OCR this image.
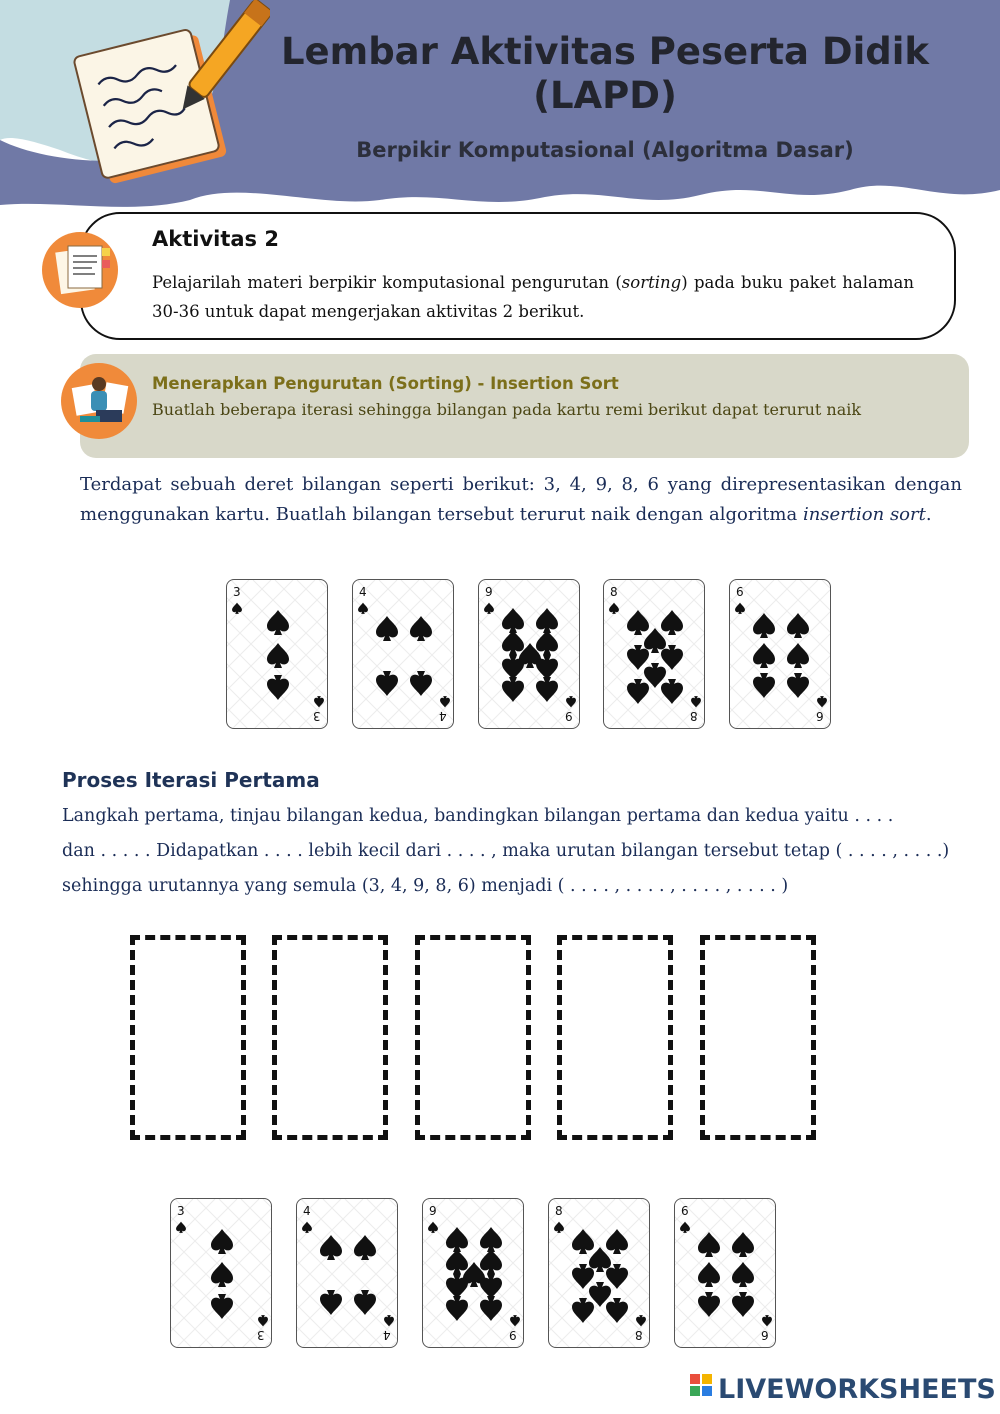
Lembar Aktivitas Peserta Didik (LAPD)
Berpikir Komputasional (Algoritma Dasar)
Aktivitas 2
Pelajarilah materi berpikir komputasional pengurutan (sorting) pada buku paket halaman 30-36 untuk dapat mengerjakan aktivitas 2 berikut.
Menerapkan Pengurutan (Sorting) - Insertion Sort
Buatlah beberapa iterasi sehingga bilangan pada kartu remi berikut dapat terurut naik
Terdapat sebuah deret bilangan seperti berikut: 3, 4, 9, 8, 6 yang direpresentasikan dengan menggunakan kartu. Buatlah bilangan tersebut terurut naik dengan algoritma insertion sort.
3
3
4
4
9
9
8
8
6
6
Proses Iterasi Pertama
Langkah pertama, tinjau bilangan kedua, bandingkan bilangan pertama dan kedua yaitu . . . .
dan . . . . . Didapatkan . . . . lebih kecil dari . . . . , maka urutan bilangan tersebut tetap ( . . . . , . . . .)
sehingga urutannya yang semula (3, 4, 9, 8, 6) menjadi ( . . . . , . . . . , . . . . , . . . . )
3
3
4
4
9
9
8
8
6
6
LIVEWORKSHEETS
